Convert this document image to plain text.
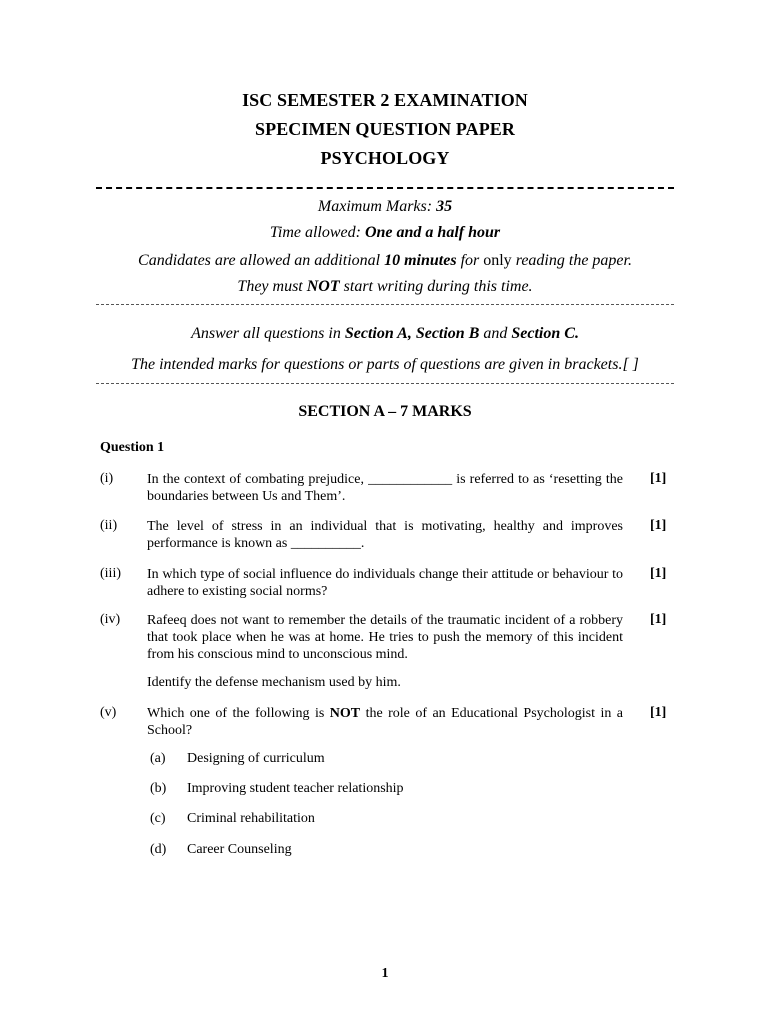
ISC SEMESTER 2 EXAMINATION
SPECIMEN QUESTION PAPER
PSYCHOLOGY
Maximum Marks: 35
Time allowed: One and a half hour
Candidates are allowed an additional 10 minutes for only reading the paper.
They must NOT start writing during this time.
Answer all questions in Section A, Section B and Section C.
The intended marks for questions or parts of questions are given in brackets.[ ]
SECTION A – 7 MARKS
Question 1
(i) In the context of combating prejudice, ____________ is referred to as ‘resetting the boundaries between Us and Them’.
[1]
(ii) The level of stress in an individual that is motivating, healthy and improves performance is known as __________.
[1]
(iii) In which type of social influence do individuals change their attitude or behaviour to adhere to existing social norms?
[1]
(iv) Rafeeq does not want to remember the details of the traumatic incident of a robbery that took place when he was at home. He tries to push the memory of this incident from his conscious mind to unconscious mind.
Identify the defense mechanism used by him.
[1]
(v) Which one of the following is NOT the role of an Educational Psychologist in a School?
[1]
(a) Designing of curriculum
(b) Improving student teacher relationship
(c) Criminal rehabilitation
(d) Career Counseling
1
